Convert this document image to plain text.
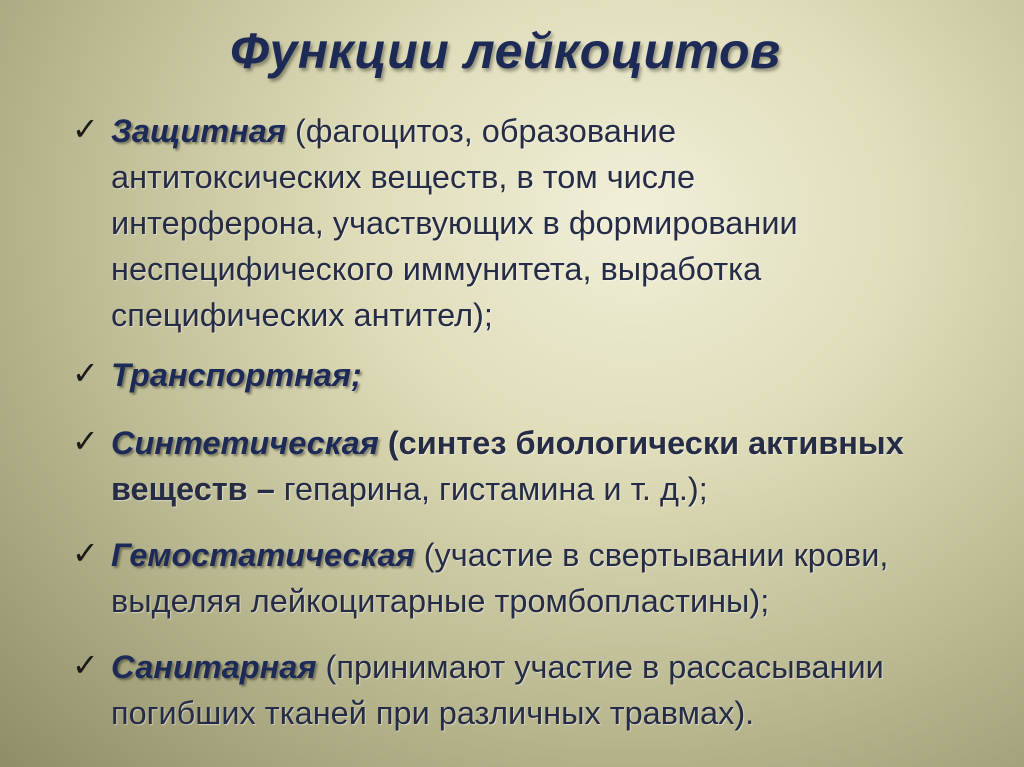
Функции лейкоцитов
✓ Защитная (фагоцитоз, образование
антитоксических веществ, в том числе
интерферона, участвующих в формировании
неспецифического иммунитета, выработка
специфических антител);
✓ Транспортная;
✓ Синтетическая (синтез биологически активных
веществ – гепарина, гистамина и т. д.);
✓ Гемостатическая (участие в свертывании крови,
выделяя лейкоцитарные тромбопластины);
✓ Санитарная (принимают участие в рассасывании
погибших тканей при различных травмах).
